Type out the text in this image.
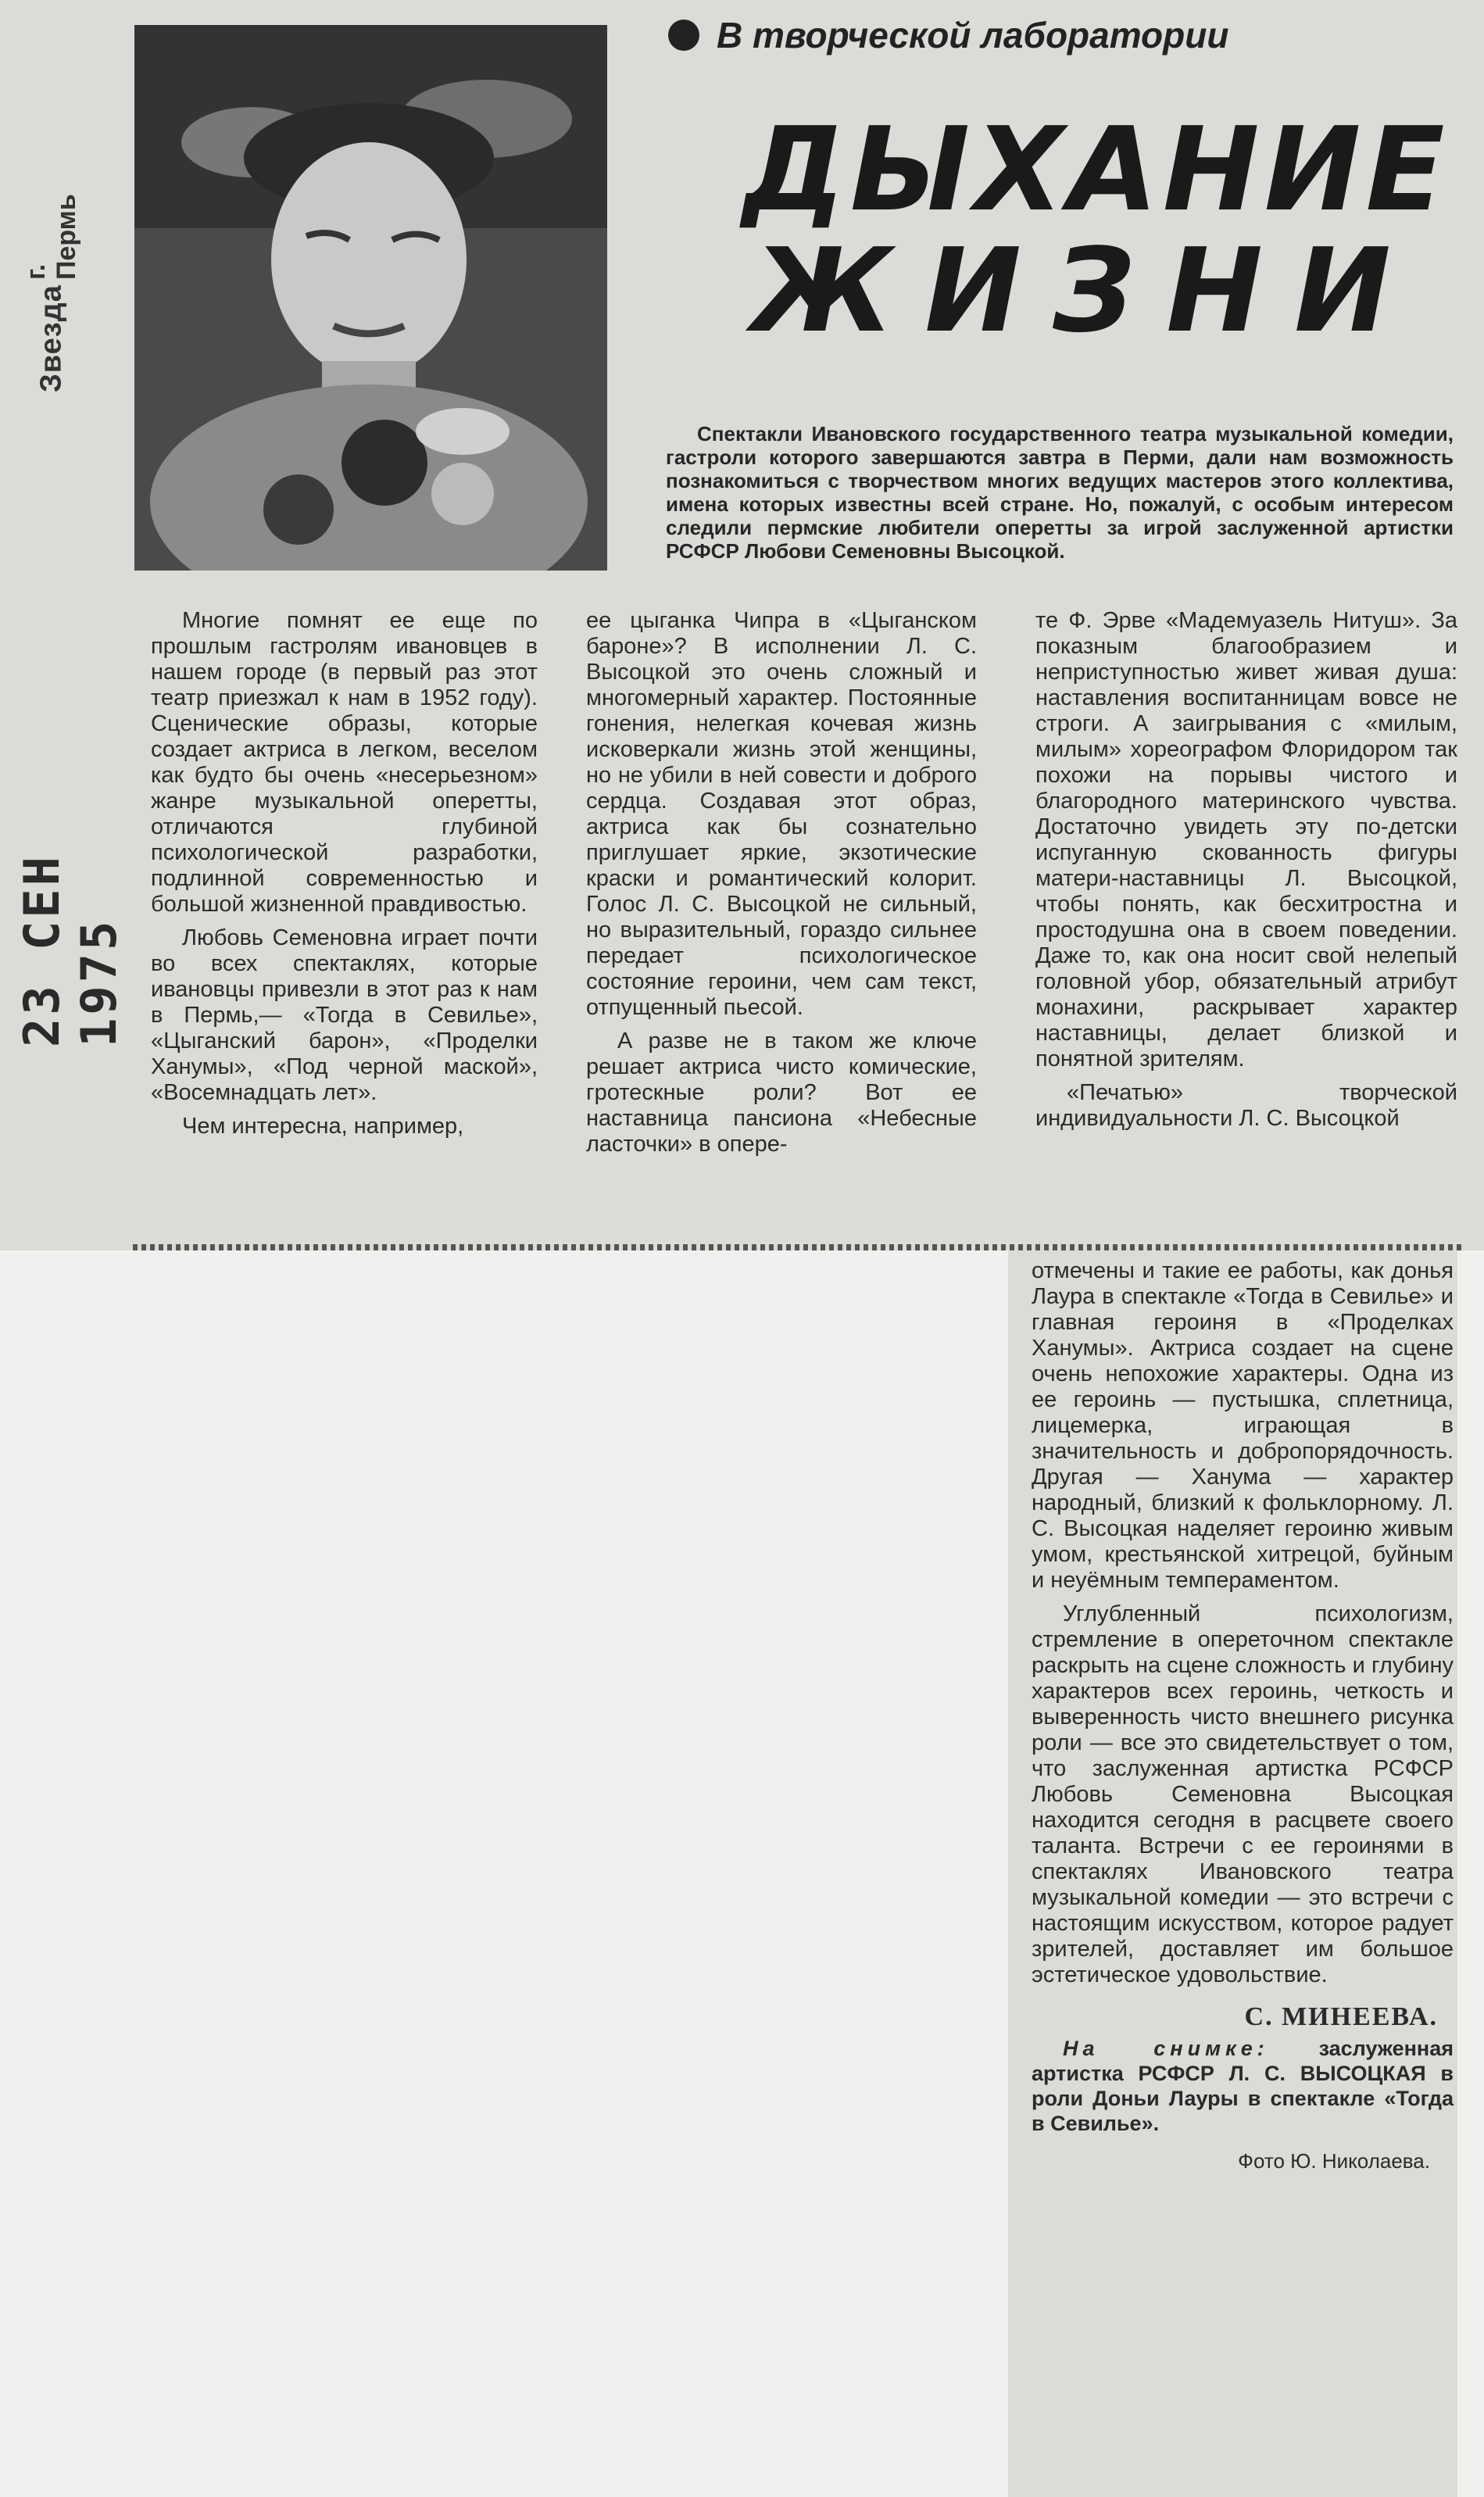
Звезда
г. Пермь
23 СЕН 1975
В творческой лаборатории
ДЫХАНИЕ
ЖИЗНИ
Спектакли Ивановского государственного театра музыкальной комедии, гастроли которого завершаются завтра в Перми, дали нам возможность познакомиться с творчеством многих ведущих мастеров этого коллектива, имена которых известны всей стране. Но, пожалуй, с особым интересом следили пермские любители оперетты за игрой заслуженной артистки РСФСР Любови Семеновны Высоцкой.

Многие помнят ее еще по прошлым гастролям ивановцев в нашем городе (в первый раз этот театр приезжал к нам в 1952 году). Сценические образы, которые создает актриса в легком, веселом как будто бы очень «несерьезном» жанре музыкальной оперетты, отличаются глубиной психологической разработки, подлинной современностью и большой жизненной правдивостью.

Любовь Семеновна играет почти во всех спектаклях, которые ивановцы привезли в этот раз к нам в Пермь,— «Тогда в Севилье», «Цыганский барон», «Проделки Ханумы», «Под черной маской», «Восемнадцать лет».

Чем интересна, например,

ее цыганка Чипра в «Цыганском бароне»? В исполнении Л. С. Высоцкой это очень сложный и многомерный характер. Постоянные гонения, нелегкая кочевая жизнь исковеркали жизнь этой женщины, но не убили в ней совести и доброго сердца. Создавая этот образ, актриса как бы сознательно приглушает яркие, экзотические краски и романтический колорит. Голос Л. С. Высоцкой не сильный, но выразительный, гораздо сильнее передает психологическое состояние героини, чем сам текст, отпущенный пьесой.

А разве не в таком же ключе решает актриса чисто комические, гротескные роли? Вот ее наставница пансиона «Небесные ласточки» в опере-

те Ф. Эрве «Мадемуазель Нитуш». За показным благообразием и неприступностью живет живая душа: наставления воспитанницам вовсе не строги. А заигрывания с «милым, милым» хореографом Флоридором так похожи на порывы чистого и благородного материнского чувства. Достаточно увидеть эту по-детски испуганную скованность фигуры матери-наставницы Л. Высоцкой, чтобы понять, как бесхитростна и простодушна она в своем поведении. Даже то, как она носит свой нелепый головной убор, обязательный атрибут монахини, раскрывает характер наставницы, делает близкой и понятной зрителям.

«Печатью» творческой индивидуальности Л. С. Высоцкой

отмечены и такие ее работы, как донья Лаура в спектакле «Тогда в Севилье» и главная героиня в «Проделках Ханумы». Актриса создает на сцене очень непохожие характеры. Одна из ее героинь — пустышка, сплетница, лицемерка, играющая в значительность и добропорядочность. Другая — Ханума — характер народный, близкий к фольклорному. Л. С. Высоцкая наделяет героиню живым умом, крестьянской хитрецой, буйным и неуёмным темпераментом.

Углубленный психологизм, стремление в опереточном спектакле раскрыть на сцене сложность и глубину характеров всех героинь, четкость и выверенность чисто внешнего рисунка роли — все это свидетельствует о том, что заслуженная артистка РСФСР Любовь Семеновна Высоцкая находится сегодня в расцвете своего таланта. Встречи с ее героинями в спектаклях Ивановского театра музыкальной комедии — это встречи с настоящим искусством, которое радует зрителей, доставляет им большое эстетическое удовольствие.

С. МИНЕЕВА.

На снимке: заслуженная артистка РСФСР Л. С. ВЫСОЦКАЯ в роли Доньи Лауры в спектакле «Тогда в Севилье».

Фото Ю. Николаева.
